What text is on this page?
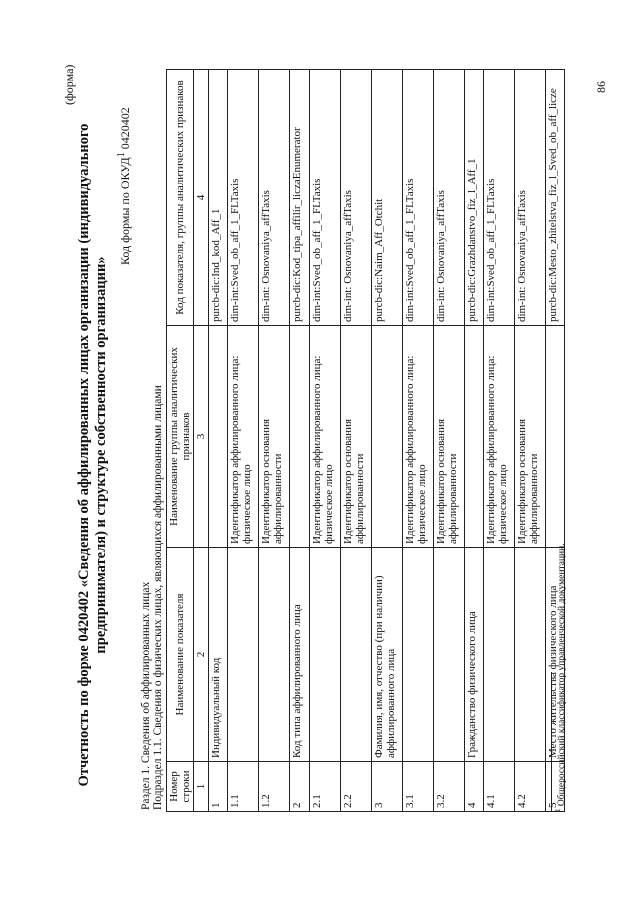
86
(форма)
Отчетность по форме 0420402 «Сведения об аффилированных лицах организации (индивидуального предпринимателя) и структуре собственности организации»
Код формы по ОКУД$^1$ 0420402
Раздел 1. Сведения об аффилированных лицах Подраздел 1.1. Сведения о физических лицах, являющихся аффилированными лицами Номер строки	Наименование показателя	Наименование группы аналитических признаков	Код показателя, группы аналитических признаков
1	2	3	4
1	Индивидуальный код		purcb-dic:Ind_kod_Aff_1
1.1		Идентификатор аффилированного лица: физическое лицо	dim-int:Sved_ob_aff_1_FLTaxis
1.2		Идентификатор основания аффилированности	dim-int: Osnovaniya_affTaxis
2	Код типа аффилированного лица		purcb-dic:Kod_tipa_affilir_liczaEnumerator
2.1		Идентификатор аффилированного лица: физическое лицо	dim-int:Sved_ob_aff_1_FLTaxis
2.2		Идентификатор основания аффилированности	dim-int: Osnovaniya_affTaxis
3	Фамилия, имя, отчество (при наличии) аффилированного лица		purcb-dic:Naim_Aff_Otchit
3.1		Идентификатор аффилированного лица: физическое лицо	dim-int:Sved_ob_aff_1_FLTaxis
3.2		Идентификатор основания аффилированности	dim-int: Osnovaniya_affTaxis
4	Гражданство физического лица		purcb-dic:Grazhdanstvo_fiz_l_Aff_1
4.1		Идентификатор аффилированного лица: физическое лицо	dim-int:Sved_ob_aff_1_FLTaxis
4.2		Идентификатор основания аффилированности	dim-int: Osnovaniya_affTaxis
5	Место жительства физического лица		purcb-dic:Mesto_zhitelstva_fiz_l_Sved_ob_aff_licze
$^1$ Общероссийский классификатор управленческой документации.
